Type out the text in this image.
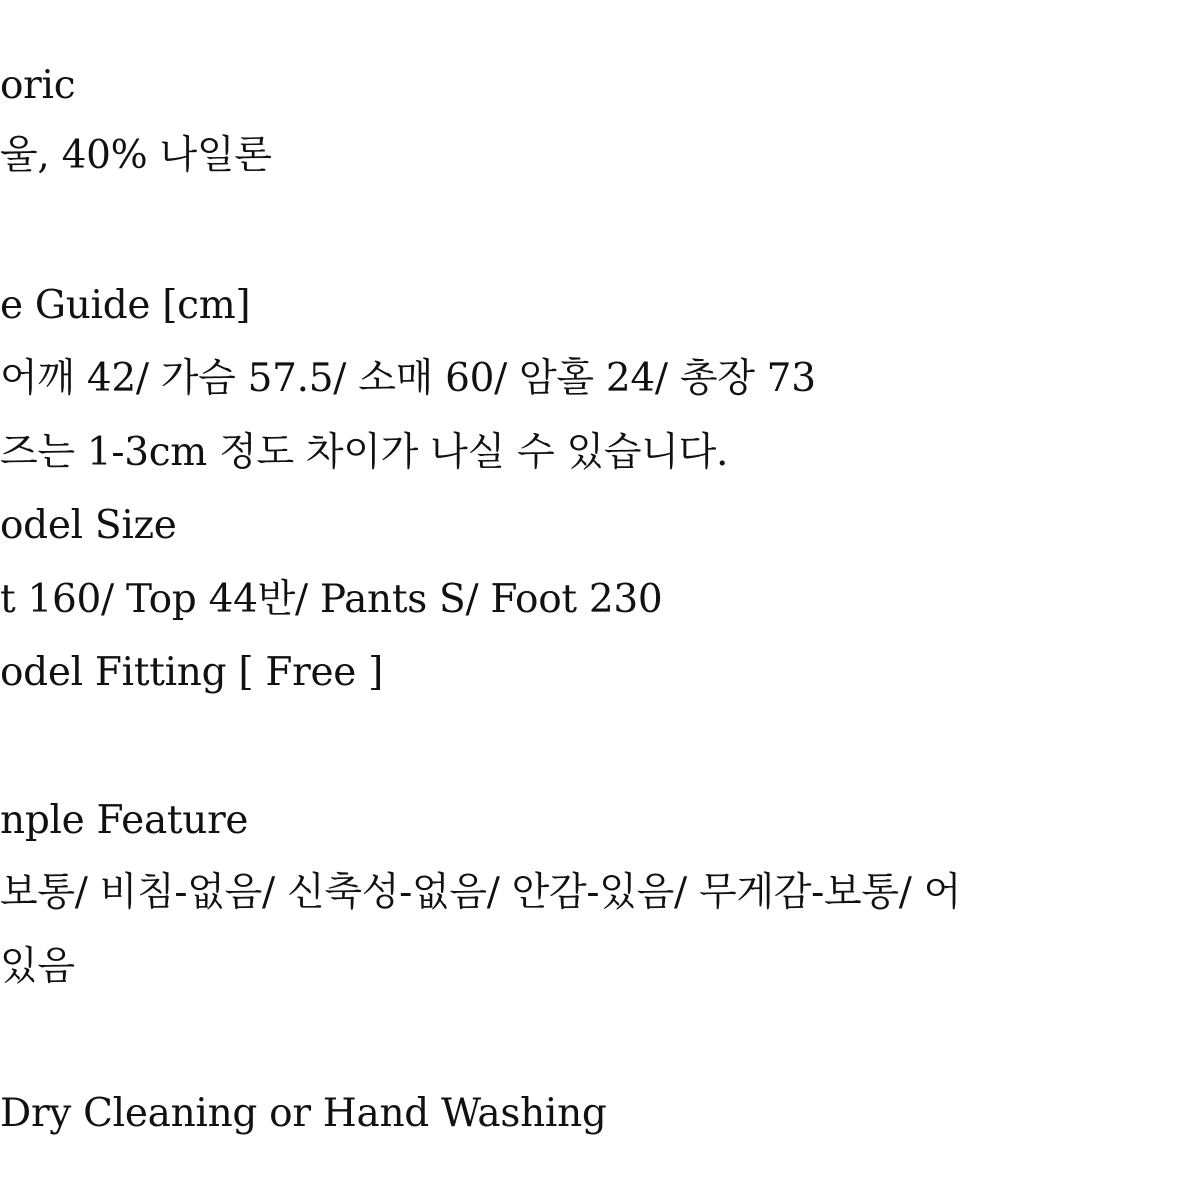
oric
울, 40% 나일론
e Guide [cm]
어깨 42/ 가슴 57.5/ 소매 60/ 암홀 24/ 총장 73
즈는 1-3cm 정도 차이가 나실 수 있습니다.
odel Size
t 160/ Top 44반/ Pants S/ Foot 230
odel Fitting [ Free ]
nple Feature
보통/ 비침-없음/ 신축성-없음/ 안감-있음/ 무게감-보통/ 어
있음
Dry Cleaning or Hand Washing
